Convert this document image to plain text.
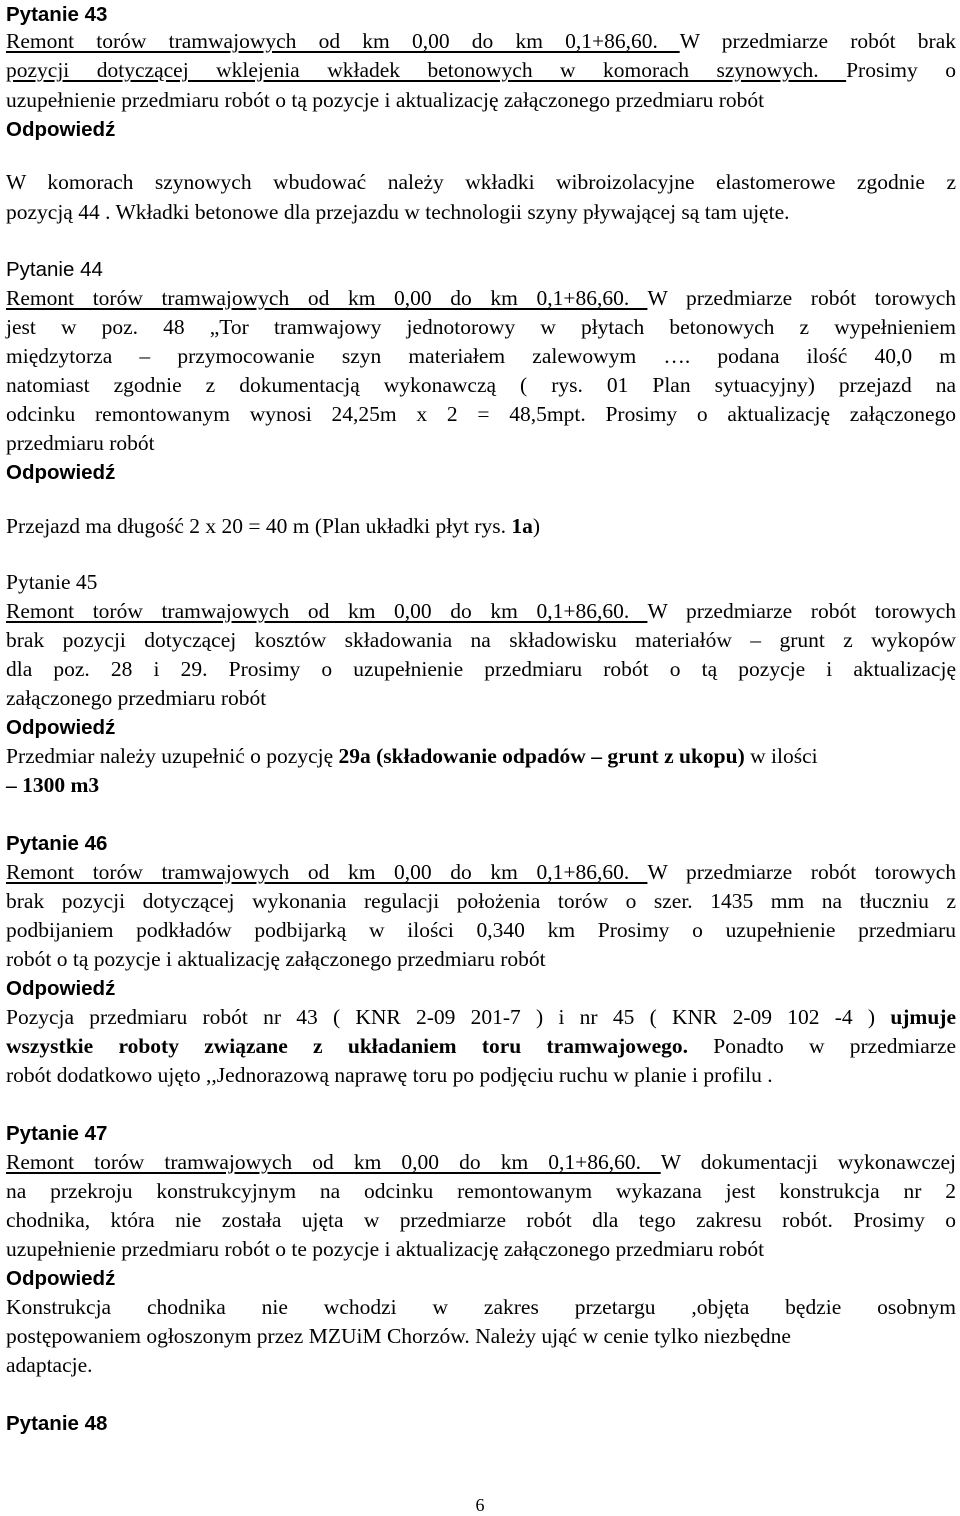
Pytanie 43
Remont torów tramwajowych od km 0,00 do km 0,1+86,60. W przedmiarze robót brak
pozycji dotyczącej wklejenia wkładek betonowych w komorach szynowych. Prosimy o
uzupełnienie przedmiaru robót o tą pozycje i aktualizację załączonego przedmiaru robót
Odpowiedź
W komorach szynowych wbudować należy wkładki wibroizolacyjne elastomerowe zgodnie z
pozycją 44 . Wkładki betonowe dla przejazdu w technologii szyny pływającej są tam ujęte.
Pytanie 44
Remont torów tramwajowych od km 0,00 do km 0,1+86,60. W przedmiarze robót torowych
jest w poz. 48 „Tor tramwajowy jednotorowy w płytach betonowych z wypełnieniem
międzytorza – przymocowanie szyn materiałem zalewowym …. podana ilość 40,0 m
natomiast zgodnie z dokumentacją wykonawczą ( rys. 01 Plan sytuacyjny) przejazd na
odcinku remontowanym wynosi 24,25m x 2 = 48,5mpt. Prosimy o aktualizację załączonego
przedmiaru robót
Odpowiedź
Przejazd ma długość 2 x 20 = 40 m (Plan układki płyt rys. 1a)
Pytanie 45
Remont torów tramwajowych od km 0,00 do km 0,1+86,60. W przedmiarze robót torowych
brak pozycji dotyczącej kosztów składowania na składowisku materiałów – grunt z wykopów
dla poz. 28 i 29. Prosimy o uzupełnienie przedmiaru robót o tą pozycje i aktualizację
załączonego przedmiaru robót
Odpowiedź
Przedmiar należy uzupełnić o pozycję 29a (składowanie odpadów – grunt z ukopu) w ilości
– 1300 m3
Pytanie 46
Remont torów tramwajowych od km 0,00 do km 0,1+86,60. W przedmiarze robót torowych
brak pozycji dotyczącej wykonania regulacji położenia torów o szer. 1435 mm na tłuczniu z
podbijaniem podkładów podbijarką w ilości 0,340 km Prosimy o uzupełnienie przedmiaru
robót o tą pozycje i aktualizację załączonego przedmiaru robót
Odpowiedź
Pozycja przedmiaru robót nr 43 ( KNR 2-09 201-7 ) i nr 45 ( KNR 2-09 102 -4 ) ujmuje
wszystkie roboty związane z układaniem toru tramwajowego. Ponadto w przedmiarze
robót dodatkowo ujęto ,,Jednorazową naprawę toru po podjęciu ruchu w planie i profilu .
Pytanie 47
Remont torów tramwajowych od km 0,00 do km 0,1+86,60. W dokumentacji wykonawczej
na przekroju konstrukcyjnym na odcinku remontowanym wykazana jest konstrukcja nr 2
chodnika, która nie została ujęta w przedmiarze robót dla tego zakresu robót. Prosimy o
uzupełnienie przedmiaru robót o te pozycje i aktualizację załączonego przedmiaru robót
Odpowiedź
Konstrukcja chodnika nie wchodzi w zakres przetargu ,objęta będzie osobnym
postępowaniem ogłoszonym przez MZUiM Chorzów. Należy ująć w cenie tylko niezbędne
adaptacje.
Pytanie 48
6
